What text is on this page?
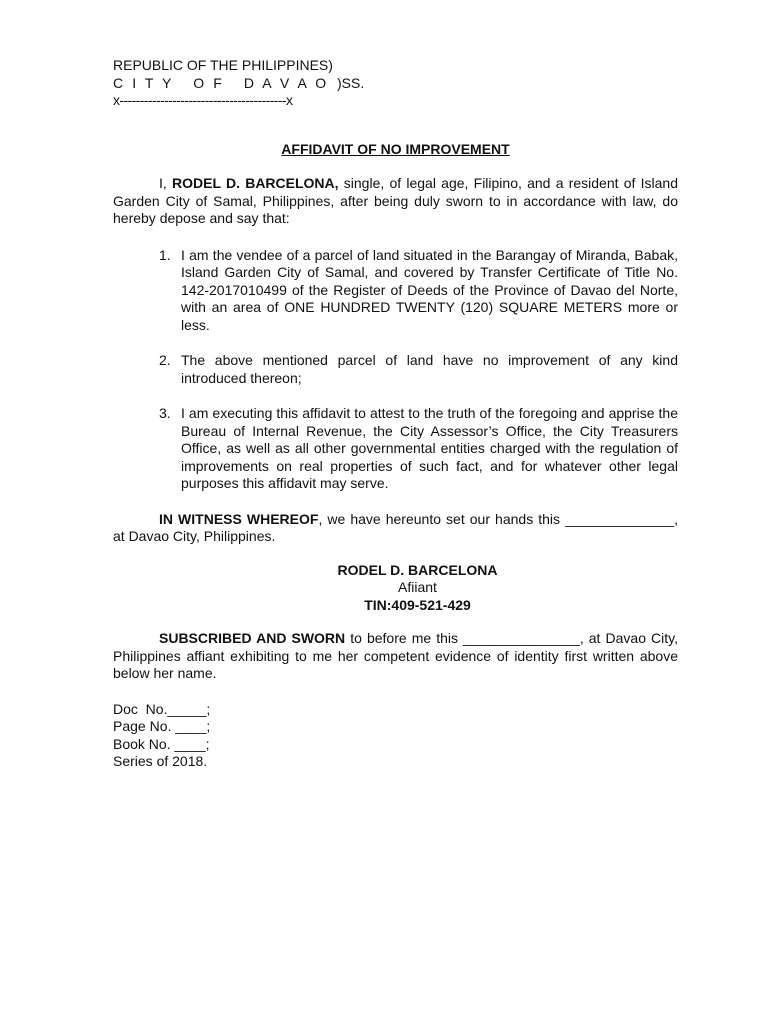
REPUBLIC OF THE PHILIPPINES)
C I T Y   O F   D A V A O )SS.
x-----------------------------------------x
AFFIDAVIT OF NO IMPROVEMENT
I, RODEL D. BARCELONA, single, of legal age, Filipino, and a resident of Island Garden City of Samal, Philippines, after being duly sworn to in accordance with law, do hereby depose and say that:
1. I am the vendee of a parcel of land situated in the Barangay of Miranda, Babak, Island Garden City of Samal, and covered by Transfer Certificate of Title No. 142-2017010499 of the Register of Deeds of the Province of Davao del Norte, with an area of ONE HUNDRED TWENTY (120) SQUARE METERS more or less.
2. The above mentioned parcel of land have no improvement of any kind introduced thereon;
3. I am executing this affidavit to attest to the truth of the foregoing and apprise the Bureau of Internal Revenue, the City Assessor’s Office, the City Treasurers Office, as well as all other governmental entities charged with the regulation of improvements on real properties of such fact, and for whatever other legal purposes this affidavit may serve.
IN WITNESS WHEREOF, we have hereunto set our hands this ______________, at Davao City, Philippines.
RODEL D. BARCELONA
Afiiant
TIN:409-521-429
SUBSCRIBED AND SWORN to before me this _______________, at Davao City, Philippines affiant exhibiting to me her competent evidence of identity first written above below her name.
Doc  No._____;
Page No. ____;
Book No. ____;
Series of 2018.
